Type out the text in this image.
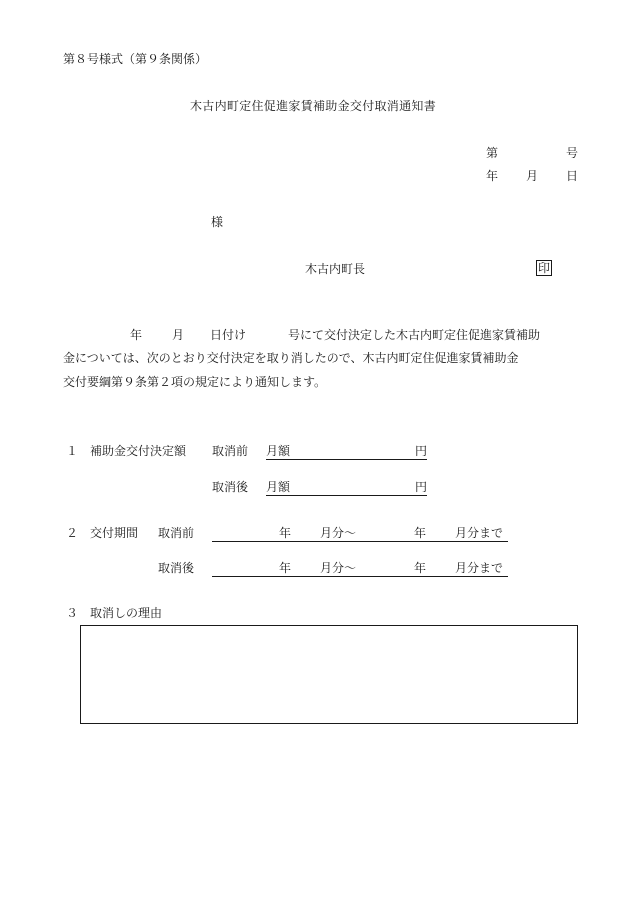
第８号様式（第９条関係）
木古内町定住促進家賃補助金交付取消通知書
第	号
年 月 日
様
木古内町長	印
年 月 日付け	号にて交付決定した木古内町定住促進家賃補助
金については、次のとおり交付決定を取り消したので、木古内町定住促進家賃補助金
交付要綱第９条第２項の規定により通知します。
１ 補助金交付決定額 取消前 月額	円
取消後 月額	円
２ 交付期間 取消前	年 月分～	年 月分まで
取消後	年 月分～	年 月分まで
３ 取消しの理由
